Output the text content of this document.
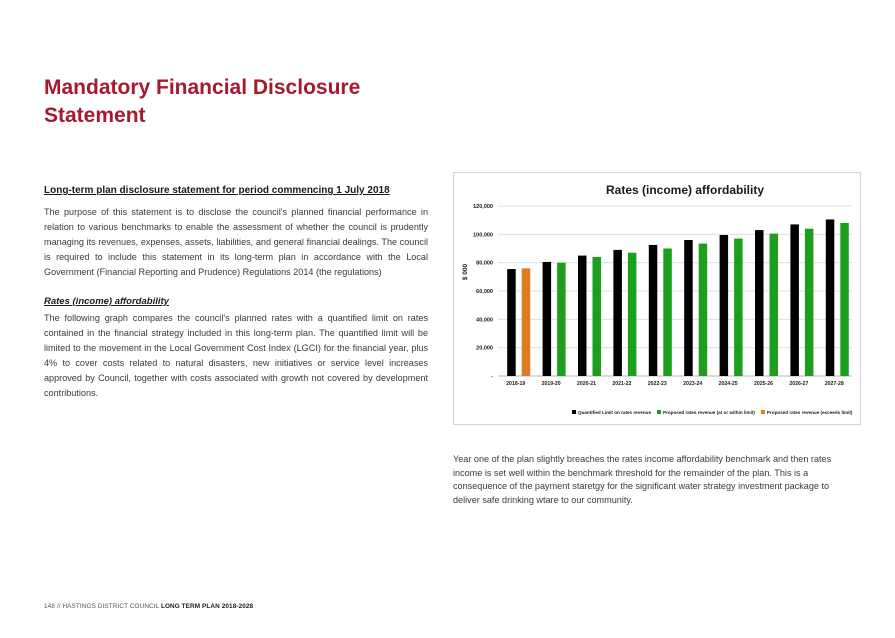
Mandatory Financial Disclosure Statement

Long-term plan disclosure statement for period commencing 1 July 2018

The purpose of this statement is to disclose the council's planned financial performance in relation to various benchmarks to enable the assessment of whether the council is prudently managing its revenues, expenses, assets, liabilities, and general financial dealings. The council is required to include this statement in its long-term plan in accordance with the Local Government (Financial Reporting and Prudence) Regulations 2014 (the regulations)

Rates (income) affordability

The following graph compares the council's planned rates with a quantified limit on rates contained in the financial strategy included in this long-term plan. The quantified limit will be limited to the movement in the Local Government Cost Index (LGCI) for the financial year, plus 4% to cover costs related to natural disasters, new initiatives or service level increases approved by Council, together with costs associated with growth not covered by development contributions.

Rates (income) affordability
$ 000
-
20,000
40,000
60,000
80,000
100,000
120,000
2018-19	2019-20	2020-21	2021-22	2022-23	2023-24	2024-25	2025-26	2026-27	2027-28
Quantified Limit on rates revenue	Proposed rates revenue (at or within limit)	Proposed rates revenue (exceeds limit)

Year one of the plan slightly breaches the rates income affordability benchmark and then rates income is set well within the benchmark threshold for the remainder of the plan. This is a consequence of the payment staretgy for the significant water strategy investment package to deliver safe drinking wtare to our community.

148 // HASTINGS DISTRICT COUNCIL LONG TERM PLAN 2018-2028
